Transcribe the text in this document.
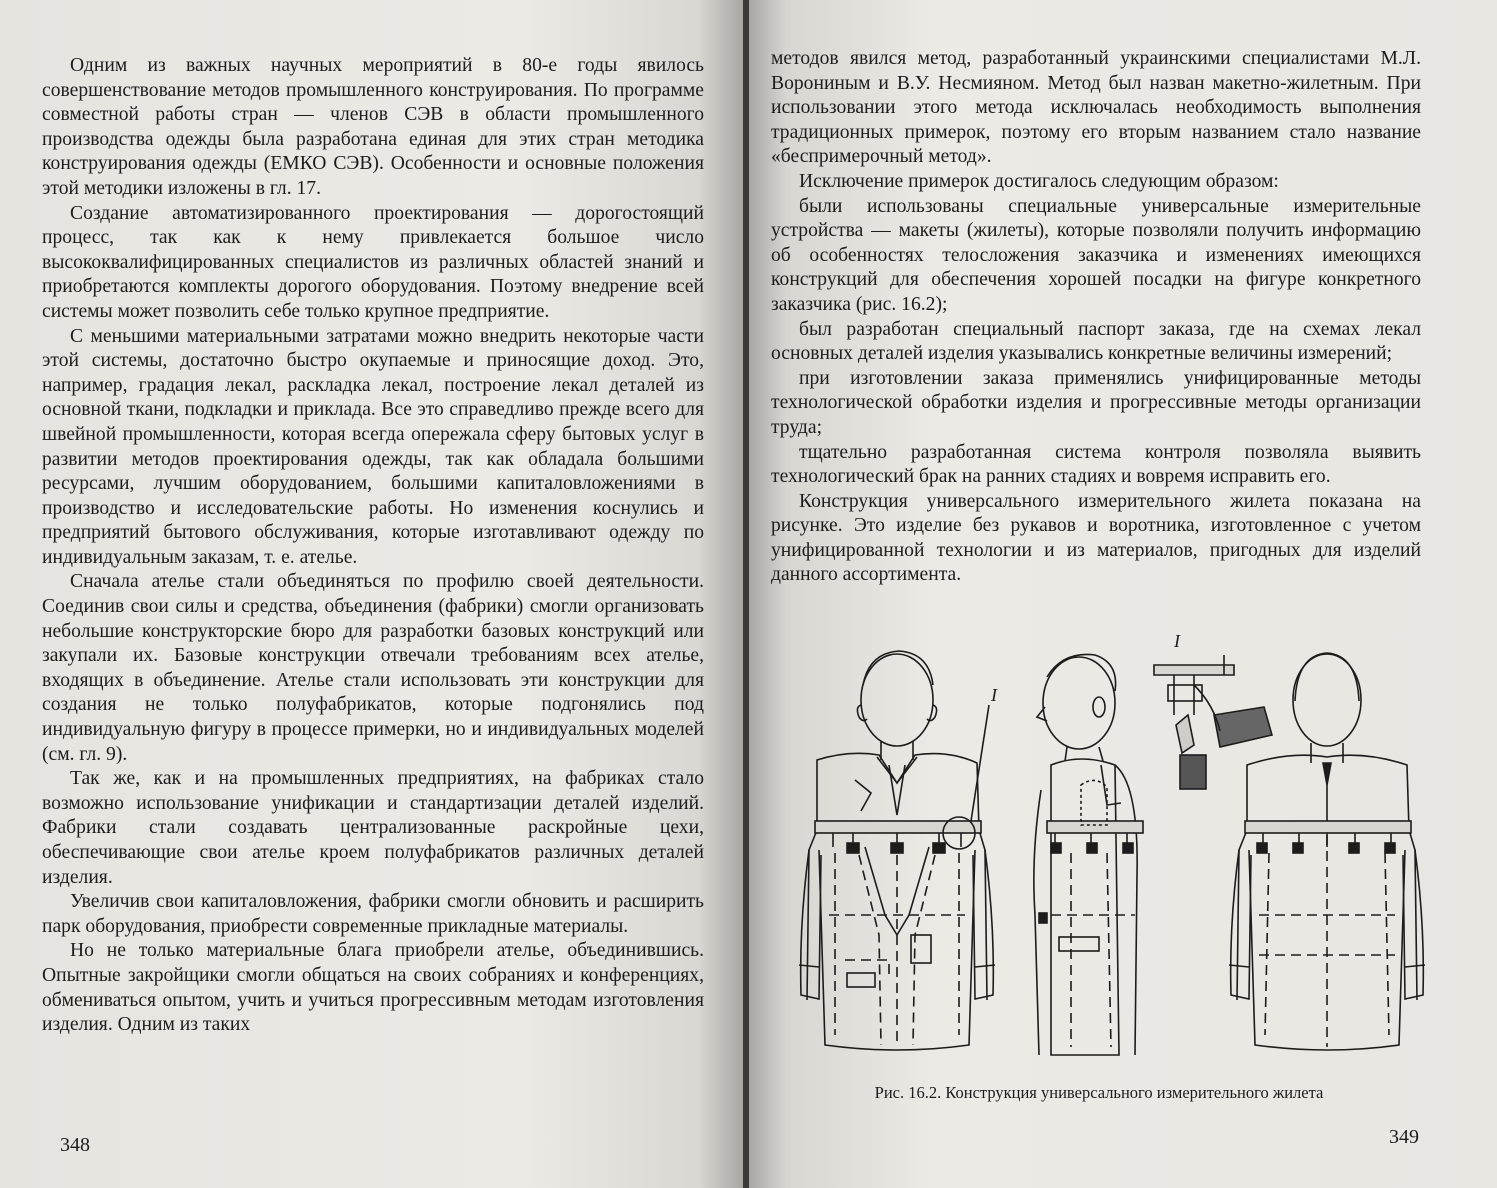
Одним из важных научных мероприятий в 80-е годы явилось совершенствование методов промышленного конструирования. По программе совместной работы стран — членов СЭВ в области промышленного производства одежды была разработана единая для этих стран методика конструирования одежды (ЕМКО СЭВ). Особенности и основные положения этой методики изложены в гл. 17.

Создание автоматизированного проектирования — дорогостоящий процесс, так как к нему привлекается большое число высококвалифицированных специалистов из различных областей знаний и приобретаются комплекты дорогого оборудования. Поэтому внедрение всей системы может позволить себе только крупное предприятие.

С меньшими материальными затратами можно внедрить некоторые части этой системы, достаточно быстро окупаемые и приносящие доход. Это, например, градация лекал, раскладка лекал, построение лекал деталей из основной ткани, подкладки и приклада. Все это справедливо прежде всего для швейной промышленности, которая всегда опережала сферу бытовых услуг в развитии методов проектирования одежды, так как обладала большими ресурсами, лучшим оборудованием, большими капиталовложениями в производство и исследовательские работы. Но изменения коснулись и предприятий бытового обслуживания, которые изготавливают одежду по индивидуальным заказам, т. е. ателье.

Сначала ателье стали объединяться по профилю своей деятельности. Соединив свои силы и средства, объединения (фабрики) смогли организовать небольшие конструкторские бюро для разработки базовых конструкций или закупали их. Базовые конструкции отвечали требованиям всех ателье, входящих в объединение. Ателье стали использовать эти конструкции для создания не только полуфабрикатов, которые подгонялись под индивидуальную фигуру в процессе примерки, но и индивидуальных моделей (см. гл. 9).

Так же, как и на промышленных предприятиях, на фабриках стало возможно использование унификации и стандартизации деталей изделий. Фабрики стали создавать централизованные раскройные цехи, обеспечивающие свои ателье кроем полуфабрикатов различных деталей изделия.

Увеличив свои капиталовложения, фабрики смогли обновить и расширить парк оборудования, приобрести современные прикладные материалы.

Но не только материальные блага приобрели ателье, объединившись. Опытные закройщики смогли общаться на своих собраниях и конференциях, обмениваться опытом, учить и учиться прогрессивным методам изготовления изделия. Одним из таких

348

методов явился метод, разработанный украинскими специалистами М.Л. Ворониным и В.У. Несмияном. Метод был назван макетно-жилетным. При использовании этого метода исключалась необходимость выполнения традиционных примерок, поэтому его вторым названием стало название «беспримерочный метод».

Исключение примерок достигалось следующим образом:

были использованы специальные универсальные измерительные устройства — макеты (жилеты), которые позволяли получить информацию об особенностях телосложения заказчика и изменениях имеющихся конструкций для обеспечения хорошей посадки на фигуре конкретного заказчика (рис. 16.2);

был разработан специальный паспорт заказа, где на схемах лекал основных деталей изделия указывались конкретные величины измерений;

при изготовлении заказа применялись унифицированные методы технологической обработки изделия и прогрессивные методы организации труда;

тщательно разработанная система контроля позволяла выявить технологический брак на ранних стадиях и вовремя исправить его.

Конструкция универсального измерительного жилета показана на рисунке. Это изделие без рукавов и воротника, изготовленное с учетом унифицированной технологии и из материалов, пригодных для изделий данного ассортимента.

I
I
Рис. 16.2. Конструкция универсального измерительного жилета
349
